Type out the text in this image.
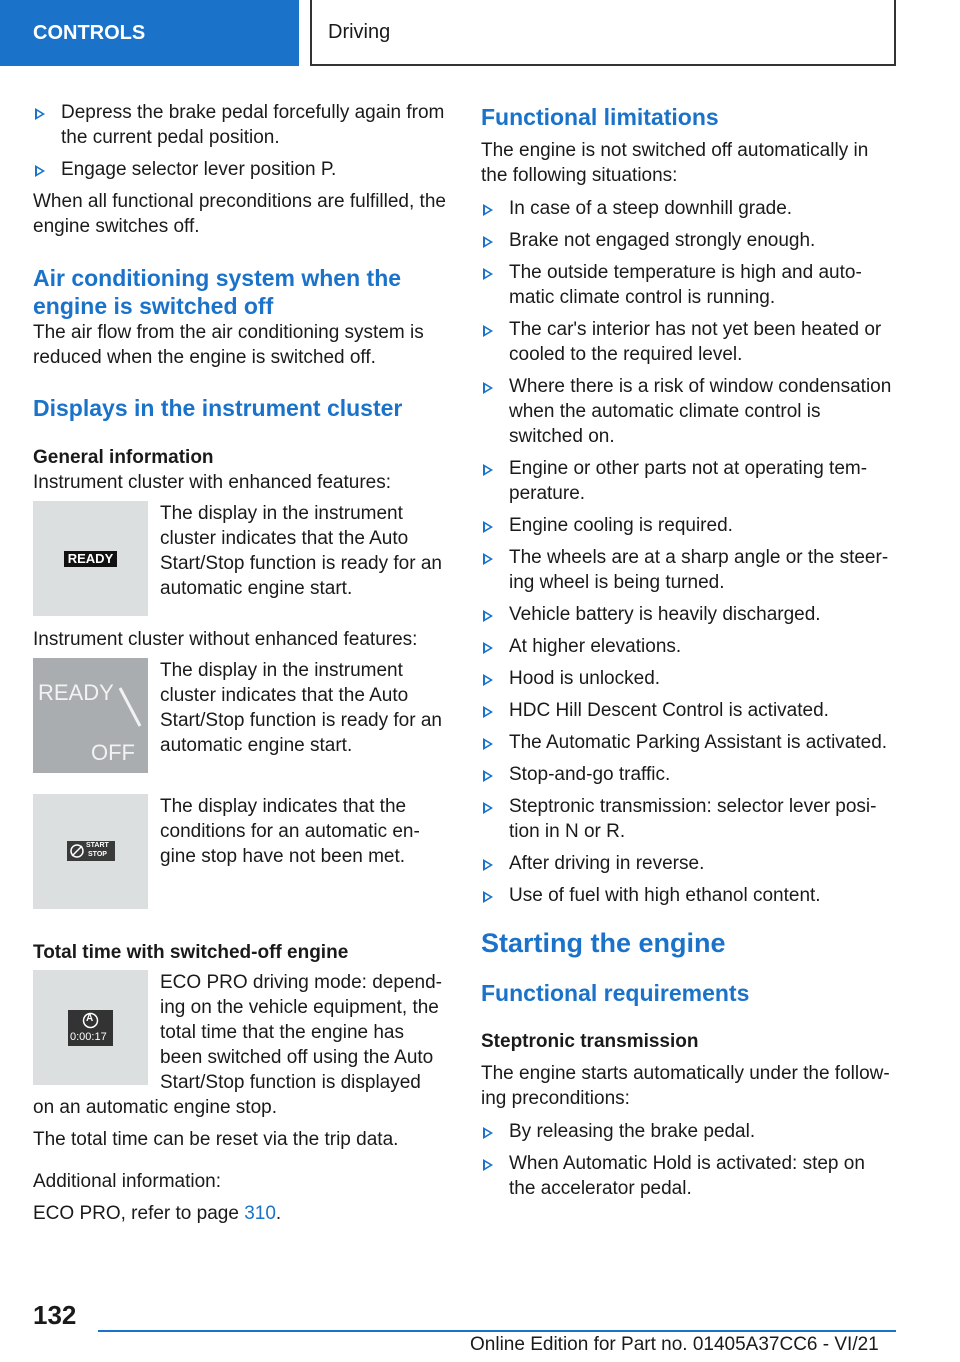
CONTROLS	Driving
Depress the brake pedal forcefully again from the current pedal position.
Engage selector lever position P.

When all functional preconditions are fulfilled, the engine switches off.

Air conditioning system when the engine is switched off

The air flow from the air conditioning system is reduced when the engine is switched off.

Displays in the instrument cluster
General information

Instrument cluster with enhanced features:

READY

The display in the instrument cluster indicates that the Auto Start/Stop function is ready for an automatic engine start.

Instrument cluster without enhanced features:

READY
OFF

The display in the instrument cluster indicates that the Auto Start/Stop function is ready for an automatic engine start.

START
STOP

The display indicates that the conditions for an automatic en-gine stop have not been met.

Total time with switched-off engine
A
0:00:17

ECO PRO driving mode: depend-ing on the vehicle equipment, the total time that the engine has been switched off using the Auto Start/Stop function is displayed on an automatic engine stop.

The total time can be reset via the trip data.

Additional information:

ECO PRO, refer to page 310.

Functional limitations

The engine is not switched off automatically in the following situations:

In case of a steep downhill grade.
Brake not engaged strongly enough.
The outside temperature is high and auto-matic climate control is running.
The car's interior has not yet been heated or cooled to the required level.
Where there is a risk of window condensation when the automatic climate control is switched on.
Engine or other parts not at operating tem-perature.
Engine cooling is required.
The wheels are at a sharp angle or the steer-ing wheel is being turned.
Vehicle battery is heavily discharged.
At higher elevations.
Hood is unlocked.
HDC Hill Descent Control is activated.
The Automatic Parking Assistant is activated.
Stop-and-go traffic.
Steptronic transmission: selector lever posi-tion in N or R.
After driving in reverse.
Use of fuel with high ethanol content.
Starting the engine
Functional requirements
Steptronic transmission

The engine starts automatically under the follow-ing preconditions:

By releasing the brake pedal.
When Automatic Hold is activated: step on the accelerator pedal.
132
Online Edition for Part no. 01405A37CC6 - VI/21
